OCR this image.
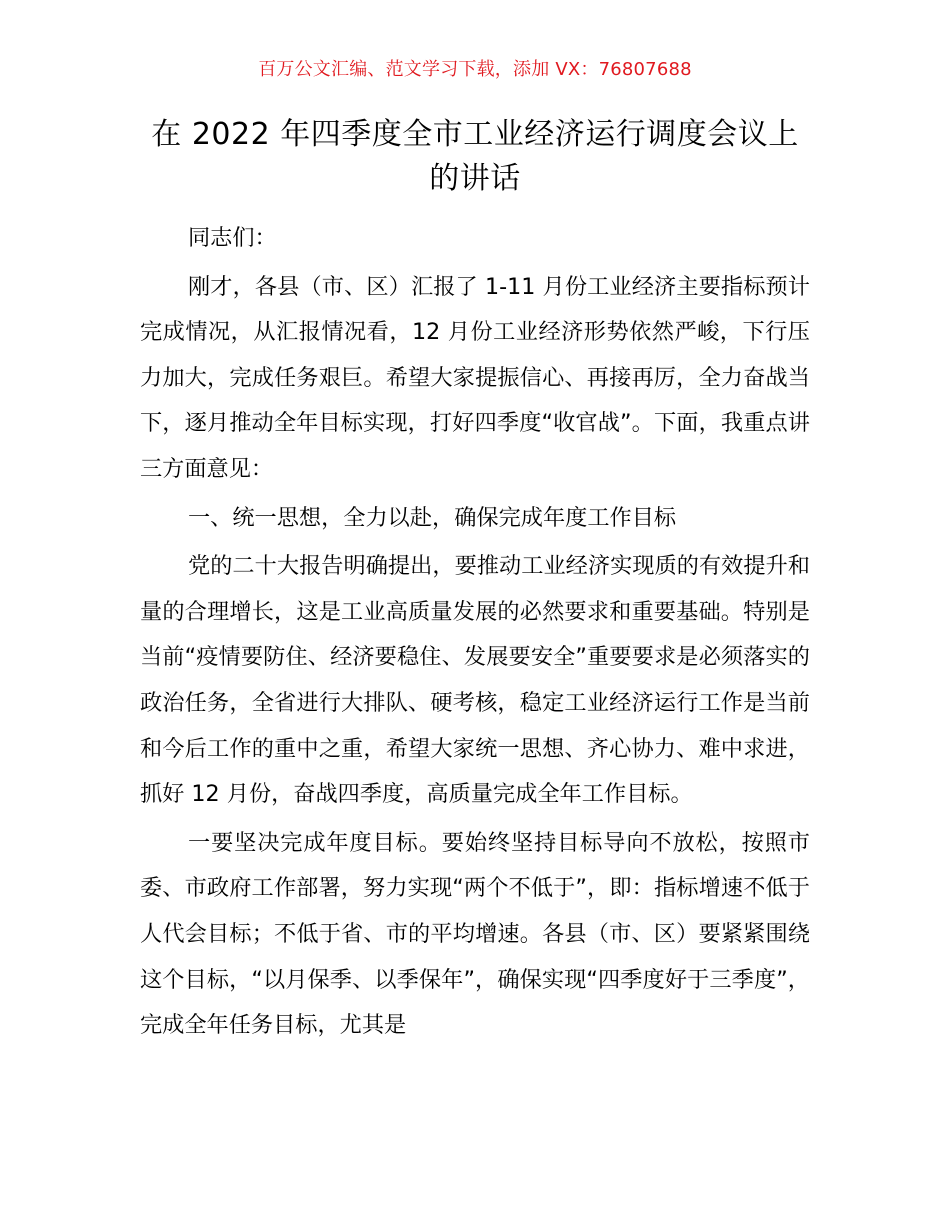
百万公文汇编、范文学习下载，添加 VX：76807688
在 2022 年四季度全市工业经济运行调度会议上
的讲话

同志们：

刚才，各县（市、区）汇报了 1-11 月份工业经济主要指标预计完成情况，从汇报情况看，12 月份工业经济形势依然严峻，下行压力加大，完成任务艰巨。希望大家提振信心、再接再厉，全力奋战当下，逐月推动全年目标实现，打好四季度“收官战”。下面，我重点讲三方面意见：

一、统一思想，全力以赴，确保完成年度工作目标

党的二十大报告明确提出，要推动工业经济实现质的有效提升和量的合理增长，这是工业高质量发展的必然要求和重要基础。特别是当前“疫情要防住、经济要稳住、发展要安全”重要要求是必须落实的政治任务，全省进行大排队、硬考核，稳定工业经济运行工作是当前和今后工作的重中之重，希望大家统一思想、齐心协力、难中求进，抓好 12 月份，奋战四季度，高质量完成全年工作目标。

一要坚决完成年度目标。要始终坚持目标导向不放松，按照市委、市政府工作部署，努力实现“两个不低于”，即：指标增速不低于人代会目标；不低于省、市的平均增速。各县（市、区）要紧紧围绕这个目标，“以月保季、以季保年”，确保实现“四季度好于三季度”，完成全年任务目标，尤其是
